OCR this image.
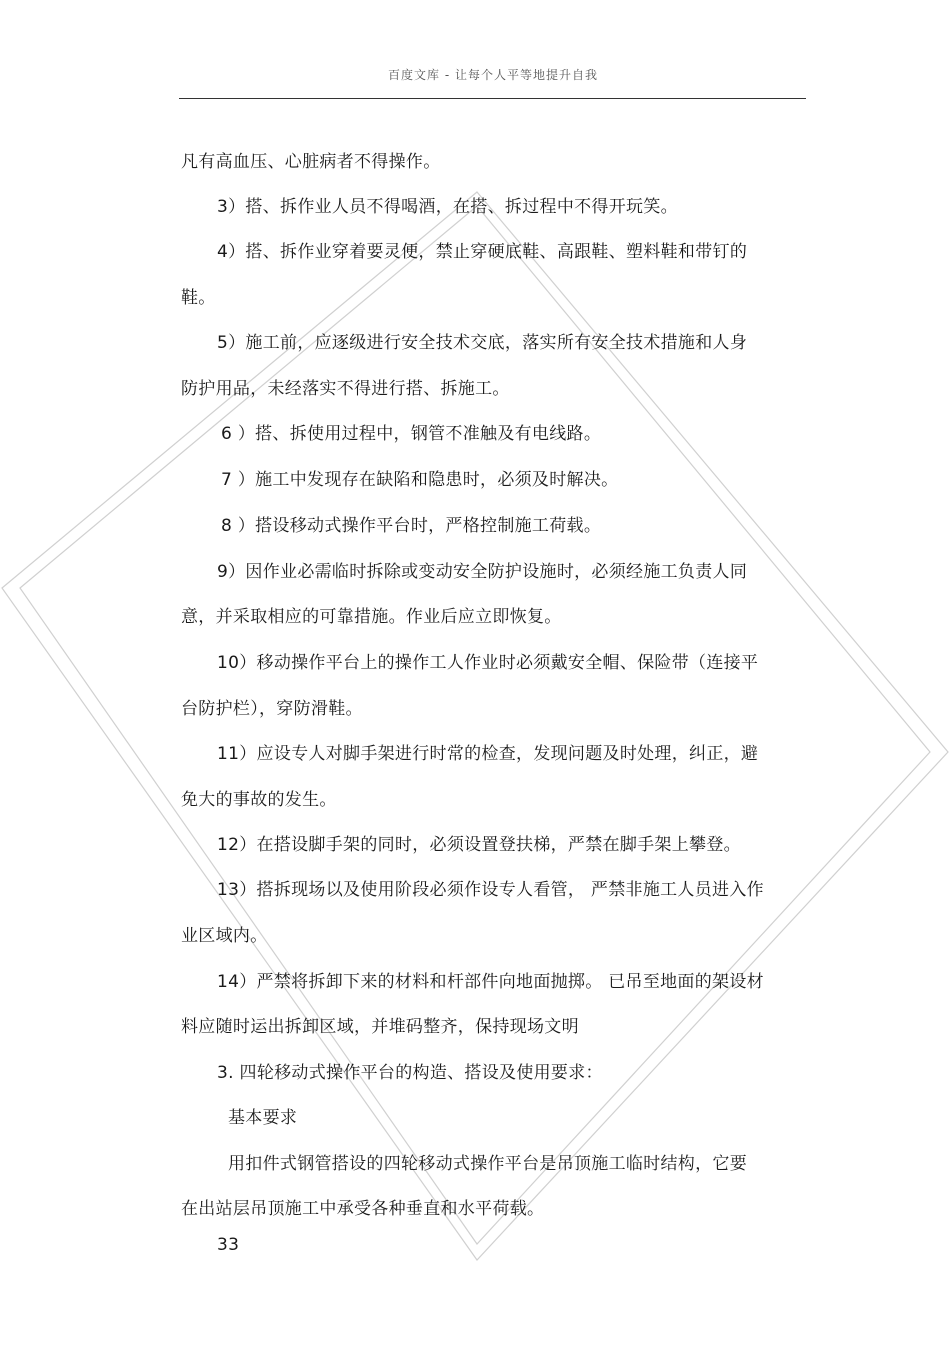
百度文库 - 让每个人平等地提升自我
凡有高血压、心脏病者不得操作。
3）搭、拆作业人员不得喝酒，在搭、拆过程中不得开玩笑。
4）搭、拆作业穿着要灵便，禁止穿硬底鞋、高跟鞋、塑料鞋和带钉的
鞋。
5）施工前，应逐级进行安全技术交底，落实所有安全技术措施和人身
防护用品，未经落实不得进行搭、拆施工。
6 ）搭、拆使用过程中，钢管不准触及有电线路。
7 ）施工中发现存在缺陷和隐患时，必须及时解决。
8 ）搭设移动式操作平台时，严格控制施工荷载。
9）因作业必需临时拆除或变动安全防护设施时，必须经施工负责人同
意，并采取相应的可靠措施。作业后应立即恢复。
10）移动操作平台上的操作工人作业时必须戴安全帽、保险带（连接平
台防护栏），穿防滑鞋。
11）应设专人对脚手架进行时常的检查，发现问题及时处理，纠正，避
免大的事故的发生。
12）在搭设脚手架的同时，必须设置登扶梯，严禁在脚手架上攀登。
13）搭拆现场以及使用阶段必须作设专人看管， 严禁非施工人员进入作
业区域内。
14）严禁将拆卸下来的材料和杆部件向地面抛掷。 已吊至地面的架设材
料应随时运出拆卸区域，并堆码整齐，保持现场文明
3. 四轮移动式操作平台的构造、搭设及使用要求：
基本要求
用扣件式钢管搭设的四轮移动式操作平台是吊顶施工临时结构，它要
在出站层吊顶施工中承受各种垂直和水平荷载。
33
